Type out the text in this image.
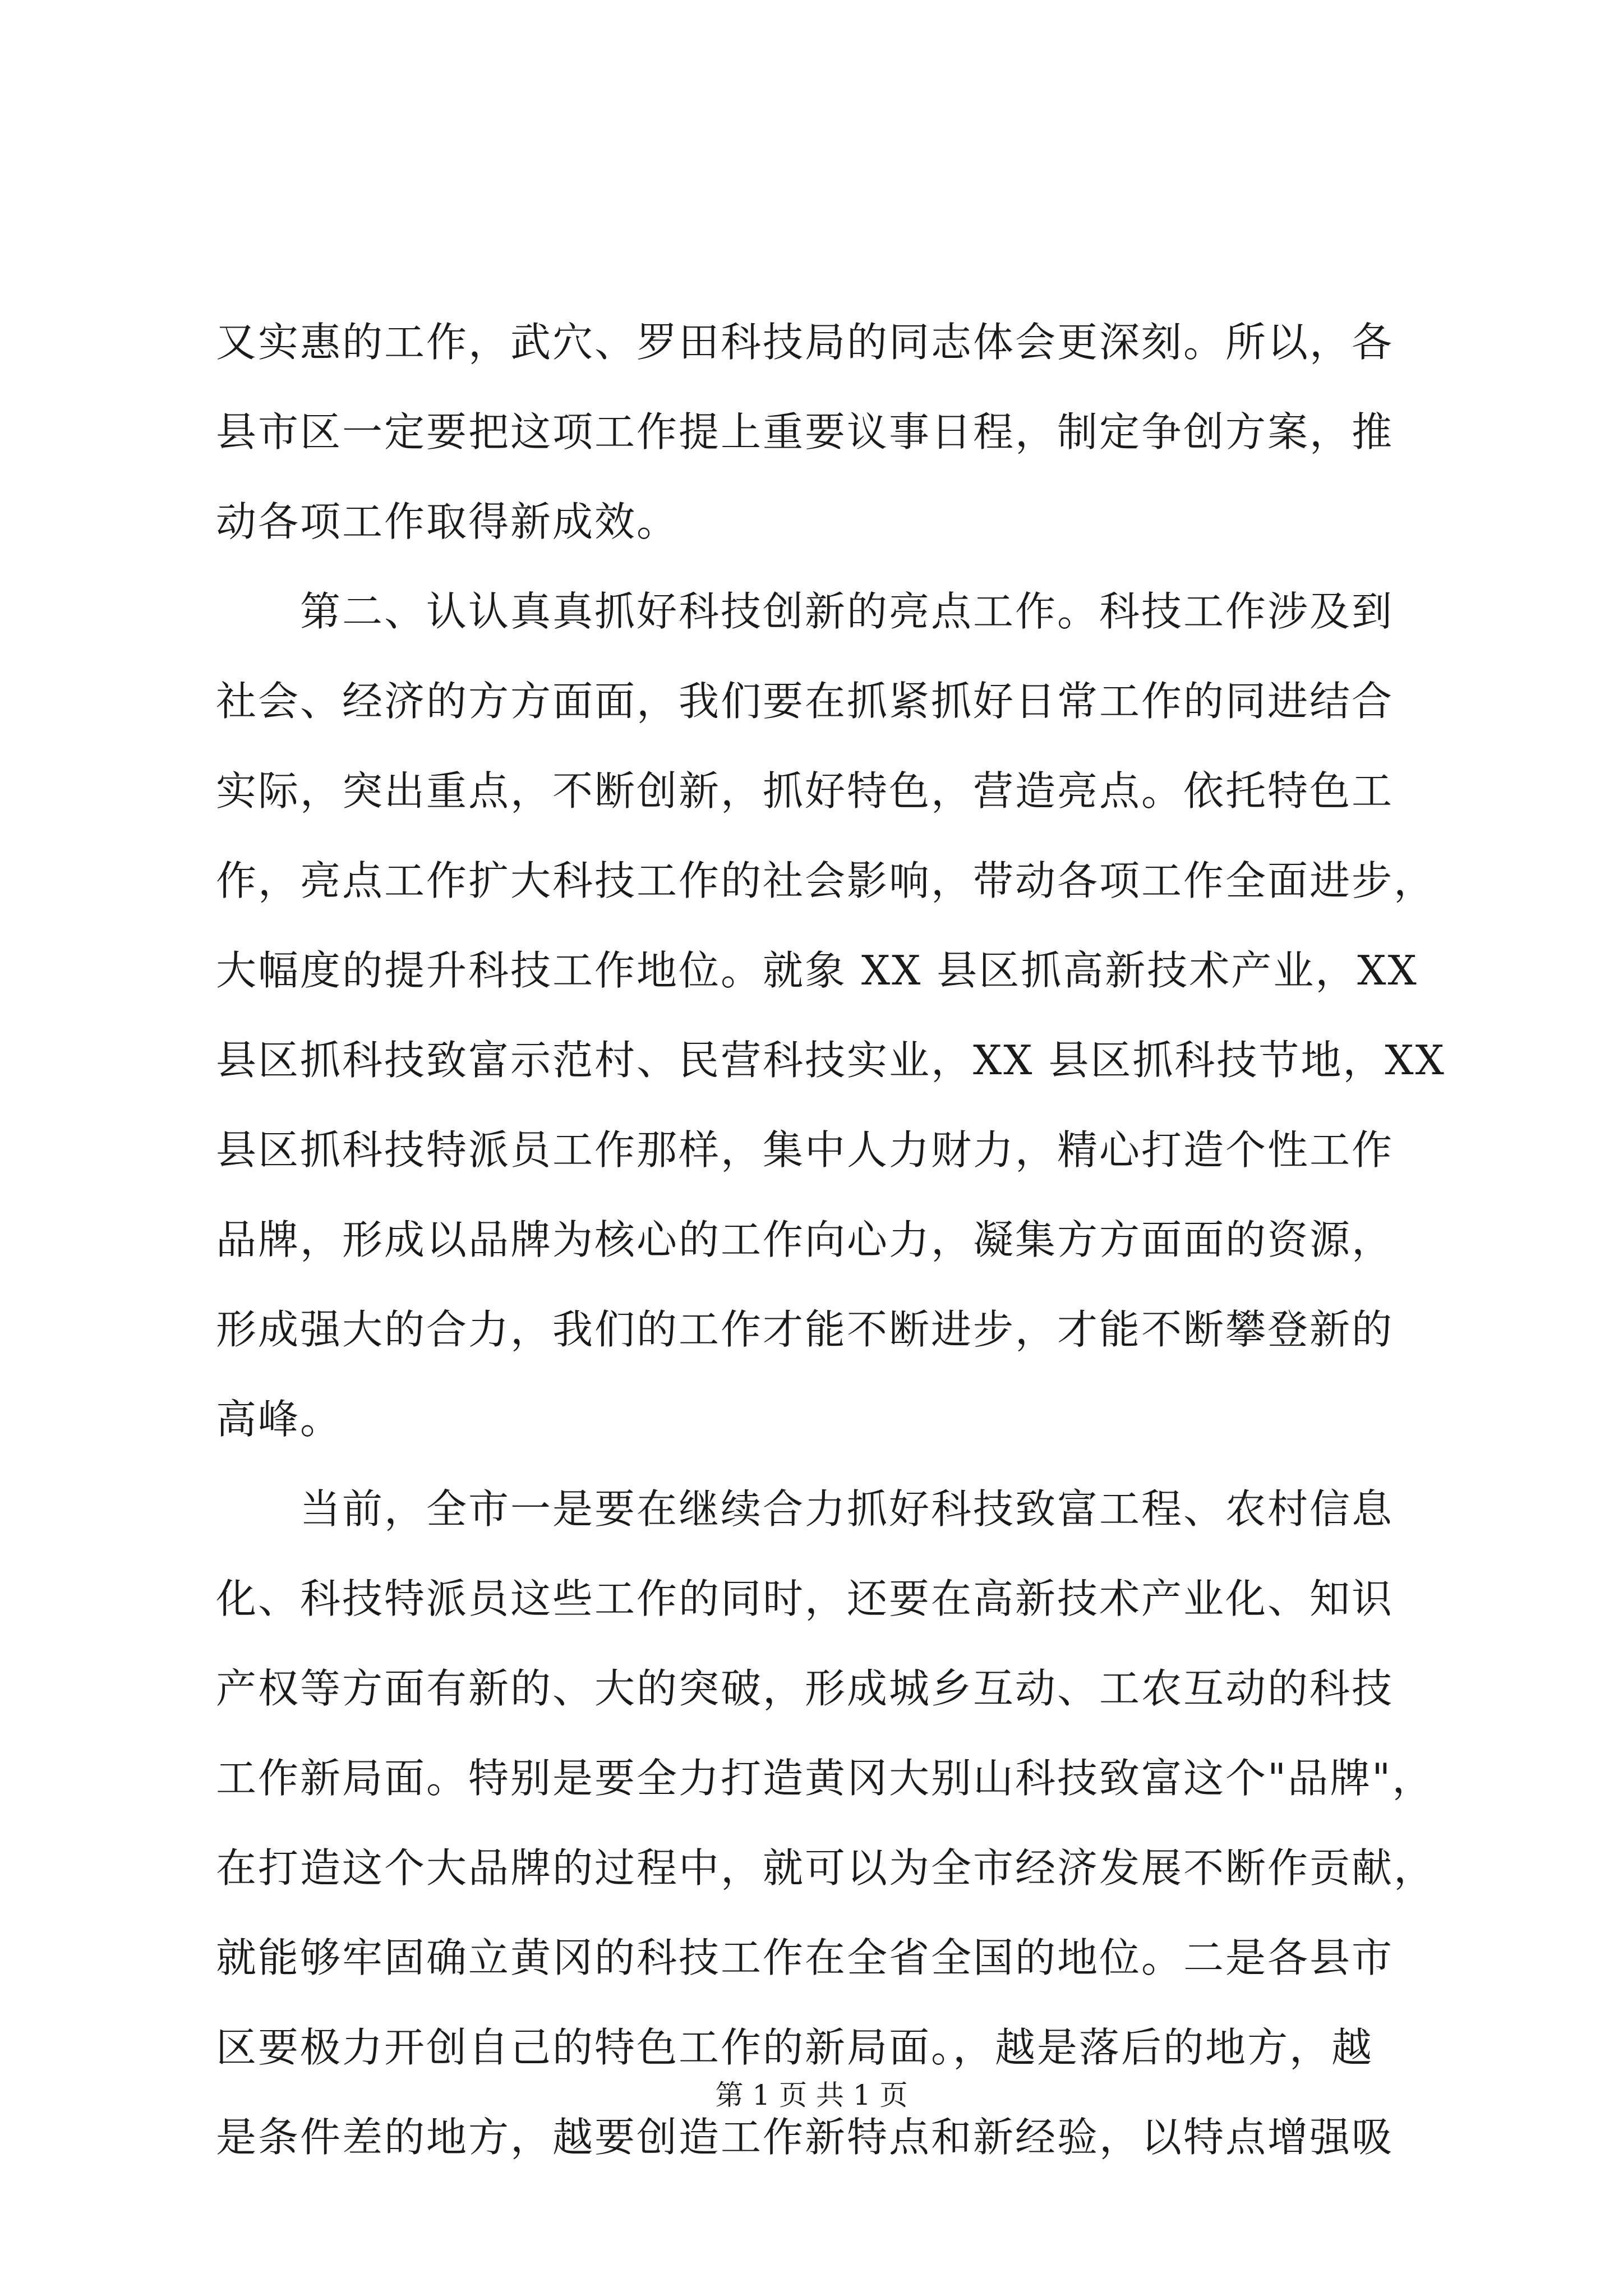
又实惠的工作，武穴、罗田科技局的同志体会更深刻。所以，各
县市区一定要把这项工作提上重要议事日程，制定争创方案，推
动各项工作取得新成效。
　　第二、认认真真抓好科技创新的亮点工作。科技工作涉及到
社会、经济的方方面面，我们要在抓紧抓好日常工作的同进结合
实际，突出重点，不断创新，抓好特色，营造亮点。依托特色工
作，亮点工作扩大科技工作的社会影响，带动各项工作全面进步，
大幅度的提升科技工作地位。就象 XX 县区抓高新技术产业，XX
县区抓科技致富示范村、民营科技实业，XX 县区抓科技节地，XX
县区抓科技特派员工作那样，集中人力财力，精心打造个性工作
品牌，形成以品牌为核心的工作向心力，凝集方方面面的资源，
形成强大的合力，我们的工作才能不断进步，才能不断攀登新的
高峰。
　　当前，全市一是要在继续合力抓好科技致富工程、农村信息
化、科技特派员这些工作的同时，还要在高新技术产业化、知识
产权等方面有新的、大的突破，形成城乡互动、工农互动的科技
工作新局面。特别是要全力打造黄冈大别山科技致富这个"品牌"，
在打造这个大品牌的过程中，就可以为全市经济发展不断作贡献，
就能够牢固确立黄冈的科技工作在全省全国的地位。二是各县市
区要极力开创自己的特色工作的新局面。，越是落后的地方，越
是条件差的地方，越要创造工作新特点和新经验，以特点增强吸
第 1 页 共 1 页
